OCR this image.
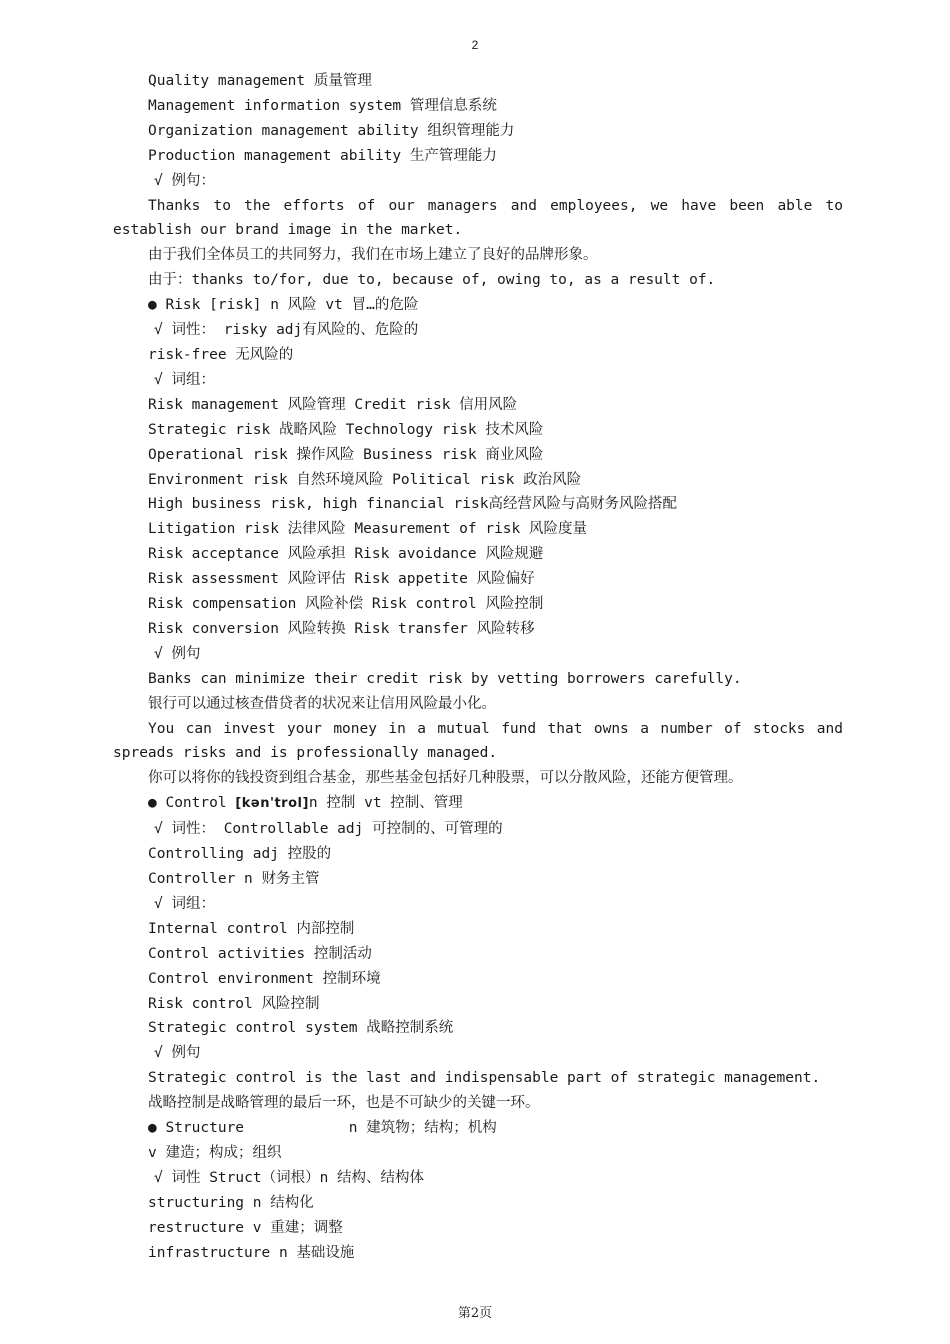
2
Quality management 质量管理
Management information system 管理信息系统
Organization management ability 组织管理能力
Production management ability 生产管理能力
√ 例句：
Thanks to the efforts of our managers and employees, we have been able to establish our brand image in the market.
由于我们全体员工的共同努力，我们在市场上建立了良好的品牌形象。
由于：thanks to/for, due to, because of, owing to, as a result of.
● Risk [risk] n 风险 vt 冒…的危险
√ 词性： risky adj有风险的、危险的
risk-free 无风险的
√ 词组：
Risk management 风险管理 Credit risk 信用风险
Strategic risk 战略风险 Technology risk 技术风险
Operational risk 操作风险 Business risk 商业风险
Environment risk 自然环境风险 Political risk 政治风险
High business risk, high financial risk高经营风险与高财务风险搭配
Litigation risk 法律风险 Measurement of risk 风险度量
Risk acceptance 风险承担 Risk avoidance 风险规避
Risk assessment 风险评估 Risk appetite 风险偏好
Risk compensation 风险补偿 Risk control 风险控制
Risk conversion 风险转换 Risk transfer 风险转移
√ 例句
Banks can minimize their credit risk by vetting borrowers carefully.
银行可以通过核查借贷者的状况来让信用风险最小化。
You can invest your money in a mutual fund that owns a number of stocks and spreads risks and is professionally managed.
你可以将你的钱投资到组合基金，那些基金包括好几种股票，可以分散风险，还能方便管理。
● Control [kən'trol]n 控制 vt 控制、管理
√ 词性： Controllable adj 可控制的、可管理的
Controlling adj 控股的
Controller n 财务主管
√ 词组：
Internal control 内部控制
Control activities 控制活动
Control environment 控制环境
Risk control 风险控制
Strategic control system 战略控制系统
√ 例句
Strategic control is the last and indispensable part of strategic management.
战略控制是战略管理的最后一环，也是不可缺少的关键一环。
● Structure            n 建筑物；结构；机构
v 建造；构成；组织
√ 词性 Struct（词根）n 结构、结构体
structuring n 结构化
restructure v 重建；调整
infrastructure n 基础设施
第2页
